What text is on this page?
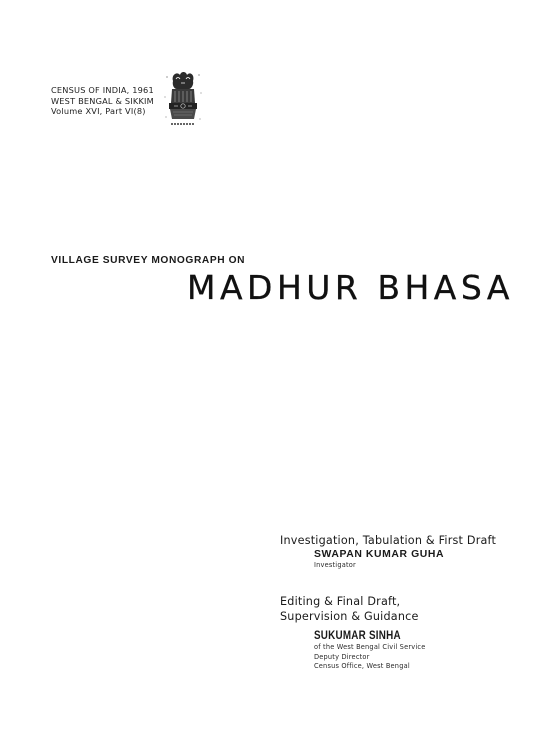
CENSUS OF INDIA, 1961
WEST BENGAL & SIKKIM
Volume XVI, Part VI(8)
VILLAGE SURVEY MONOGRAPH ON
MADHUR BHASA
Investigation, Tabulation & First Draft
SWAPAN KUMAR GUHA
Investigator
Editing & Final Draft,
Supervision & Guidance
SUKUMAR SINHA
of the West Bengal Civil Service
Deputy Director
Census Office, West Bengal
